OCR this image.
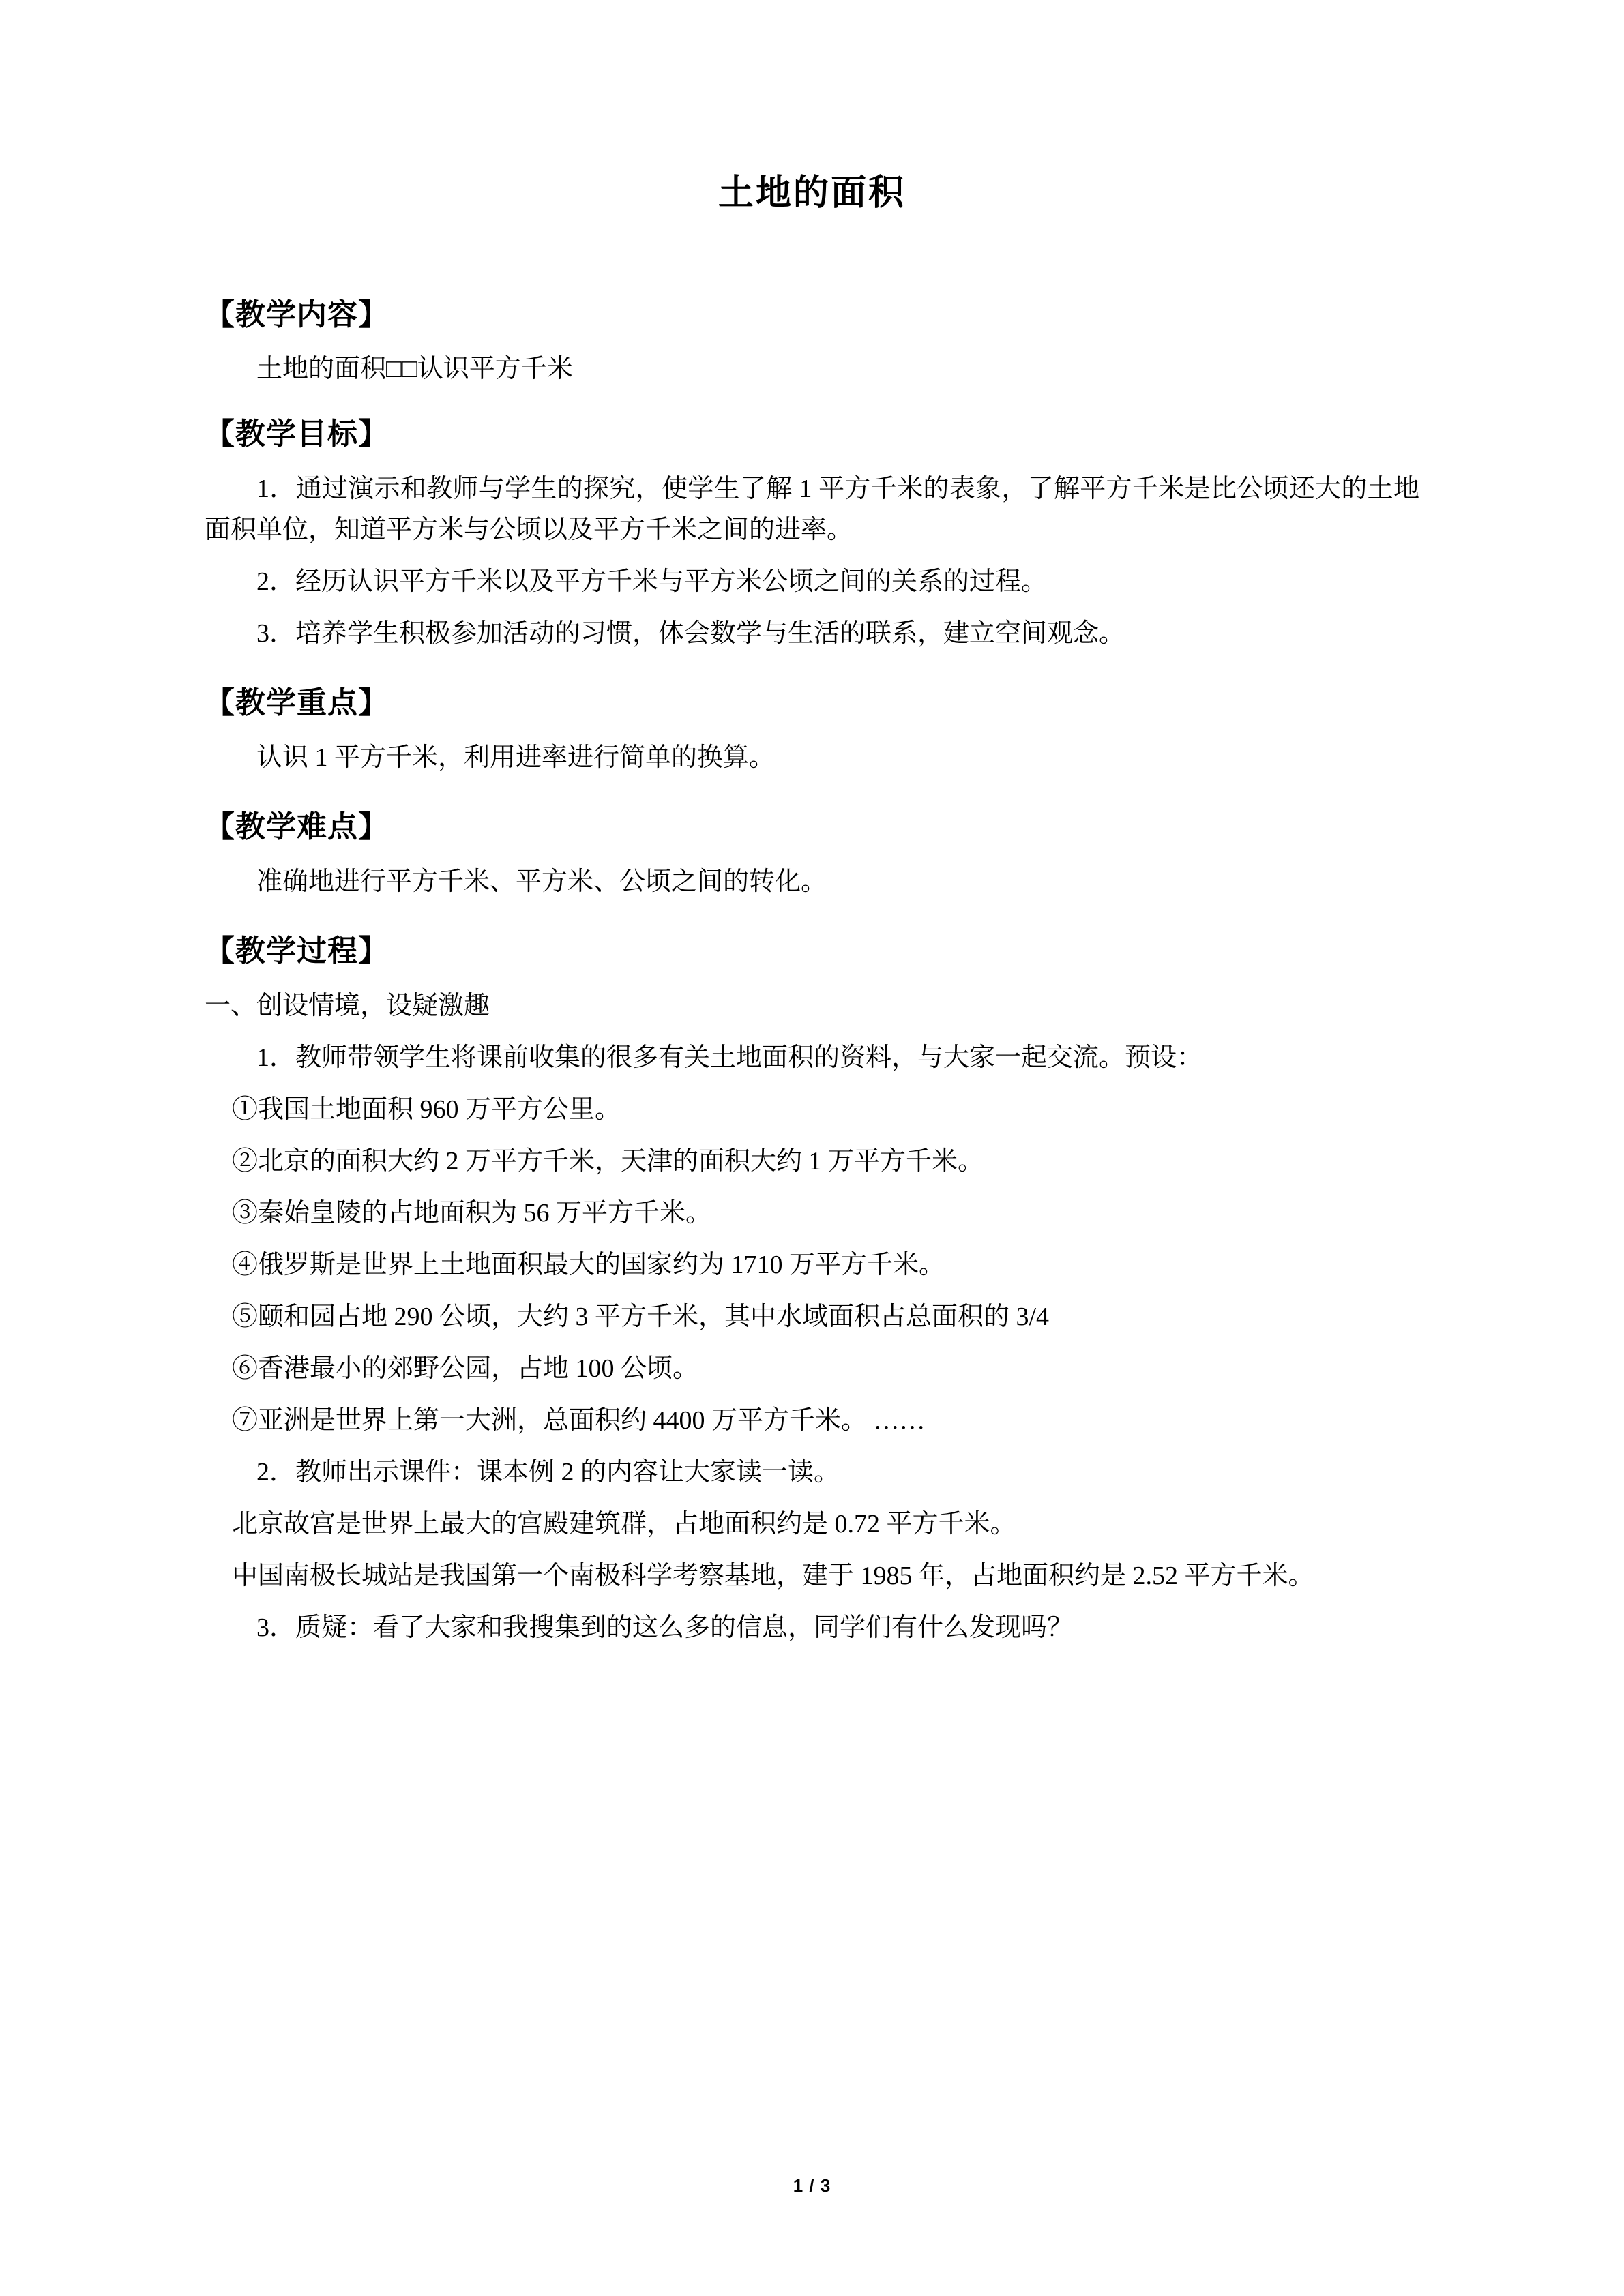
土地的面积
【教学内容】

土地的面积□□认识平方千米

【教学目标】

1．通过演示和教师与学生的探究，使学生了解 1 平方千米的表象，了解平方千米是比公顷还大的土地面积单位，知道平方米与公顷以及平方千米之间的进率。

2．经历认识平方千米以及平方千米与平方米公顷之间的关系的过程。

3．培养学生积极参加活动的习惯，体会数学与生活的联系，建立空间观念。

【教学重点】

认识 1 平方千米，利用进率进行简单的换算。

【教学难点】

准确地进行平方千米、平方米、公顷之间的转化。

【教学过程】

一、创设情境，设疑激趣

1．教师带领学生将课前收集的很多有关土地面积的资料，与大家一起交流。预设：

①我国土地面积 960 万平方公里。

②北京的面积大约 2 万平方千米，天津的面积大约 1 万平方千米。

③秦始皇陵的占地面积为 56 万平方千米。

④俄罗斯是世界上土地面积最大的国家约为 1710 万平方千米。

⑤颐和园占地 290 公顷，大约 3 平方千米，其中水域面积占总面积的 3/4

⑥香港最小的郊野公园，占地 100 公顷。

⑦亚洲是世界上第一大洲，总面积约 4400 万平方千米。 ……

2．教师出示课件：课本例 2 的内容让大家读一读。

北京故宫是世界上最大的宫殿建筑群，占地面积约是 0.72 平方千米。

中国南极长城站是我国第一个南极科学考察基地，建于 1985 年，占地面积约是 2.52 平方千米。

3．质疑：看了大家和我搜集到的这么多的信息，同学们有什么发现吗？

1 / 3
